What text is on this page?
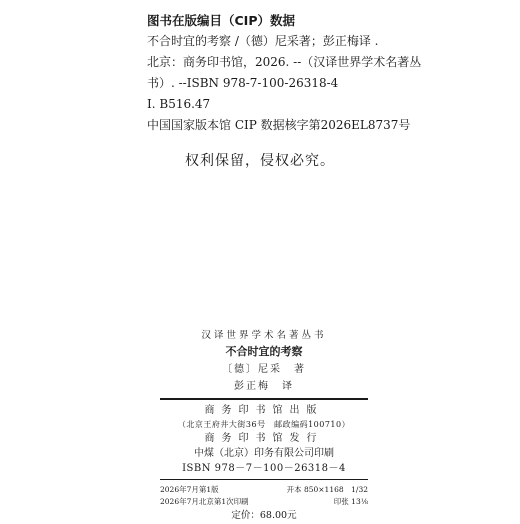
图书在版编目（CIP）数据
不合时宜的考察 /（德）尼采著；彭正梅译 .
北京：商务印书馆，2026. --（汉译世界学术名著丛
书）. --ISBN 978-7-100-26318-4
Ⅰ. B516.47
中国国家版本馆 CIP 数据核字第2026EL8737号
权利保留，侵权必究。
汉译世界学术名著丛书
不合时宜的考察
〔德〕尼采　著
彭正梅　译
商务印书馆出版
（北京王府井大街36号　邮政编码100710）
商务印书馆发行
中煤（北京）印务有限公司印刷
ISBN 978－7－100－26318－4
2026年7月第1版	开本 850×1168　1/32
2026年7月北京第1次印刷	印张 13⅛
定价：68.00元
